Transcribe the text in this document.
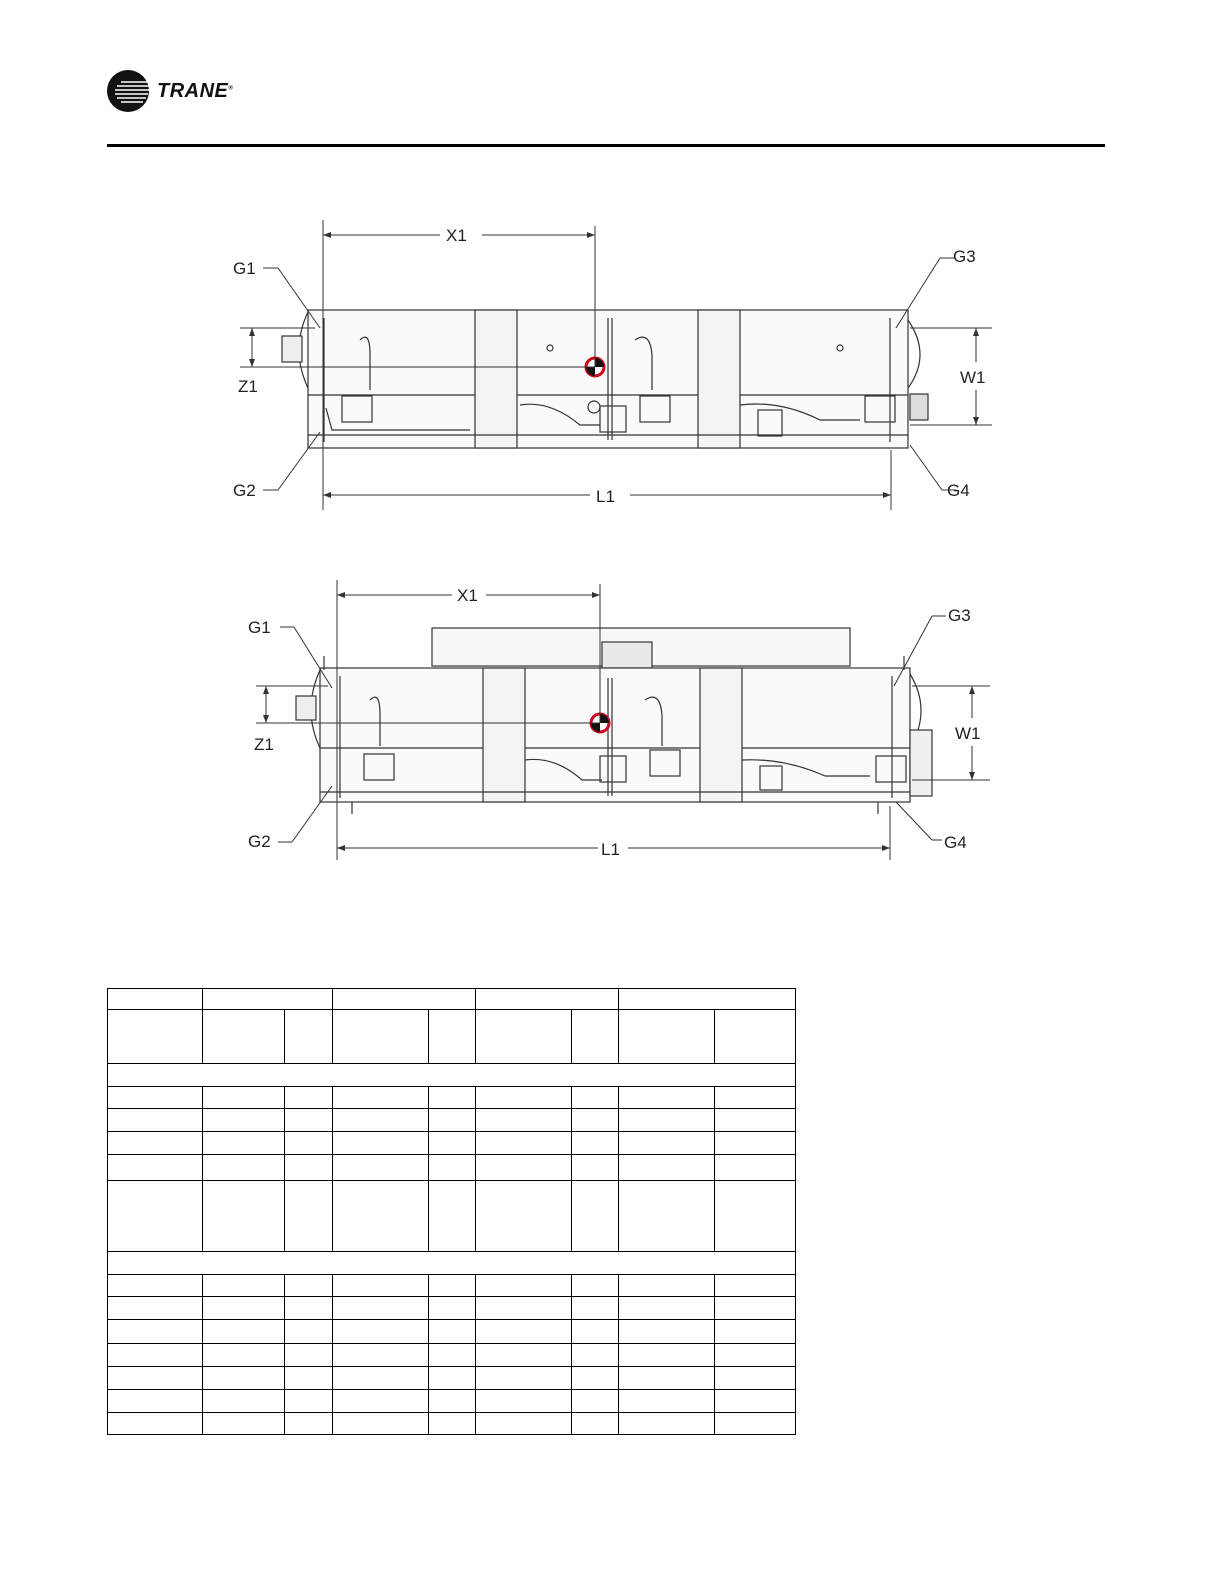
TRANE®
X1
Z1	W1
L1
G1
G2
G3
G4
X1
Z1
W1
L1
G1
G2
G3
G4
